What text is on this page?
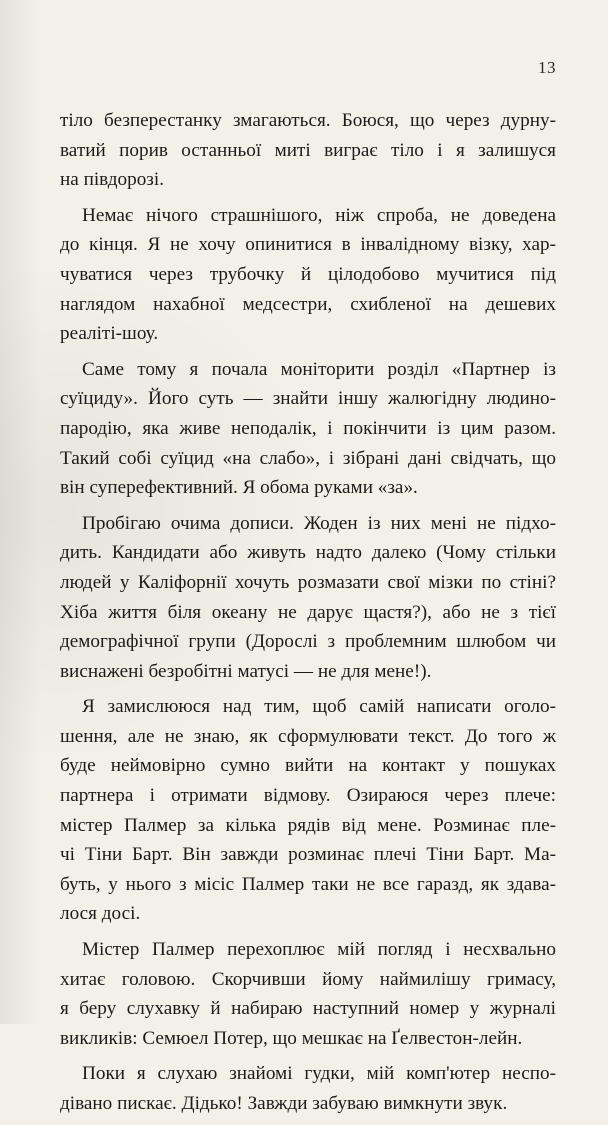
13
тіло безперестанку змагаються. Боюся, що через дурну-
ватий порив останньої миті виграє тіло і я залишуся
на півдорозі.
Немає нічого страшнішого, ніж спроба, не доведена
до кінця. Я не хочу опинитися в інвалідному візку, хар-
чуватися через трубочку й цілодобово мучитися під
наглядом нахабної медсестри, схибленої на дешевих
реаліті-шоу.
Саме тому я почала моніторити розділ «Партнер із
суїциду». Його суть — знайти іншу жалюгідну людино-
пародію, яка живе неподалік, і покінчити із цим разом.
Такий собі суїцид «на слабо», і зібрані дані свідчать, що
він суперефективний. Я обома руками «за».
Пробігаю очима дописи. Жоден із них мені не підхо-
дить. Кандидати або живуть надто далеко (Чому стільки
людей у Каліфорнії хочуть розмазати свої мізки по стіні?
Хіба життя біля океану не дарує щастя?), або не з тієї
демографічної групи (Дорослі з проблемним шлюбом чи
виснажені безробітні матусі — не для мене!).
Я замислююся над тим, щоб самій написати оголо-
шення, але не знаю, як сформулювати текст. До того ж
буде неймовірно сумно вийти на контакт у пошуках
партнера і отримати відмову. Озираюся через плече:
містер Палмер за кілька рядів від мене. Розминає пле-
чі Тіни Барт. Він завжди розминає плечі Тіни Барт. Ма-
буть, у нього з місіс Палмер таки не все гаразд, як здава-
лося досі.
Містер Палмер перехоплює мій погляд і несхвально
хитає головою. Скорчивши йому наймилішу гримасу,
я беру слухавку й набираю наступний номер у журналі
викликів: Семюел Потер, що мешкає на Ґелвестон-лейн.
Поки я слухаю знайомі гудки, мій комп'ютер неспо-
дівано пискає. Дідько! Завжди забуваю вимкнути звук.
